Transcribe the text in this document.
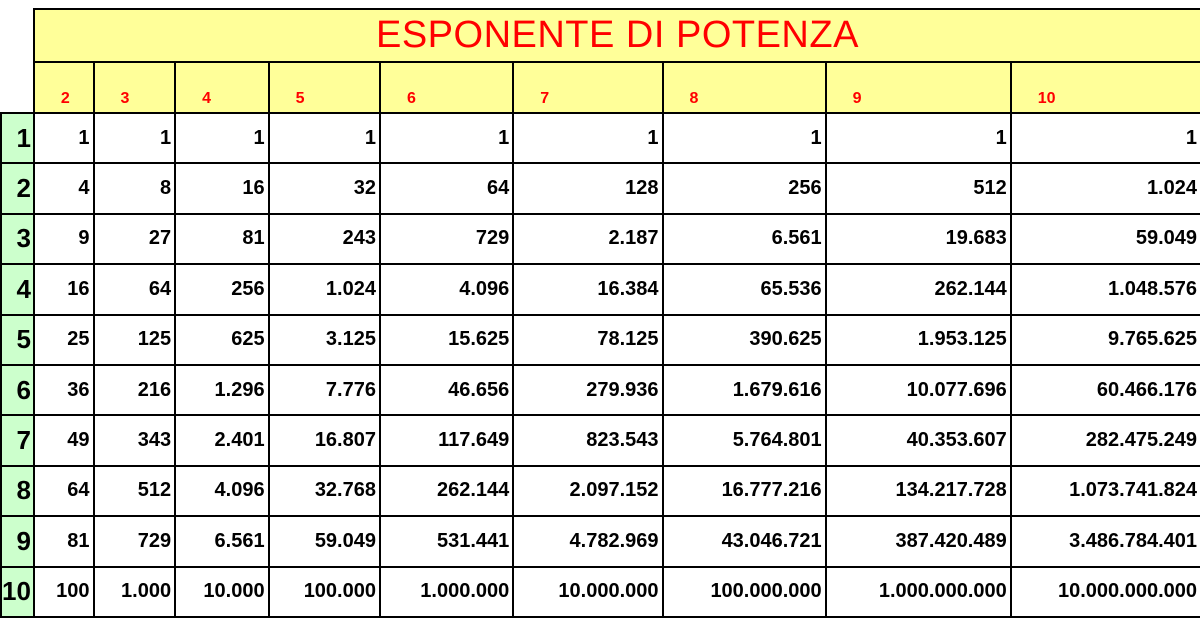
	ESPONENTE DI POTENZA								
	2	3	4	5	6	7	8	9	10
1	1	1	1	1	1	1	1	1	1
2	4	8	16	32	64	128	256	512	1.024
3	9	27	81	243	729	2.187	6.561	19.683	59.049
4	16	64	256	1.024	4.096	16.384	65.536	262.144	1.048.576
5	25	125	625	3.125	15.625	78.125	390.625	1.953.125	9.765.625
6	36	216	1.296	7.776	46.656	279.936	1.679.616	10.077.696	60.466.176
7	49	343	2.401	16.807	117.649	823.543	5.764.801	40.353.607	282.475.249
8	64	512	4.096	32.768	262.144	2.097.152	16.777.216	134.217.728	1.073.741.824
9	81	729	6.561	59.049	531.441	4.782.969	43.046.721	387.420.489	3.486.784.401
10	100	1.000	10.000	100.000	1.000.000	10.000.000	100.000.000	1.000.000.000	10.000.000.000
